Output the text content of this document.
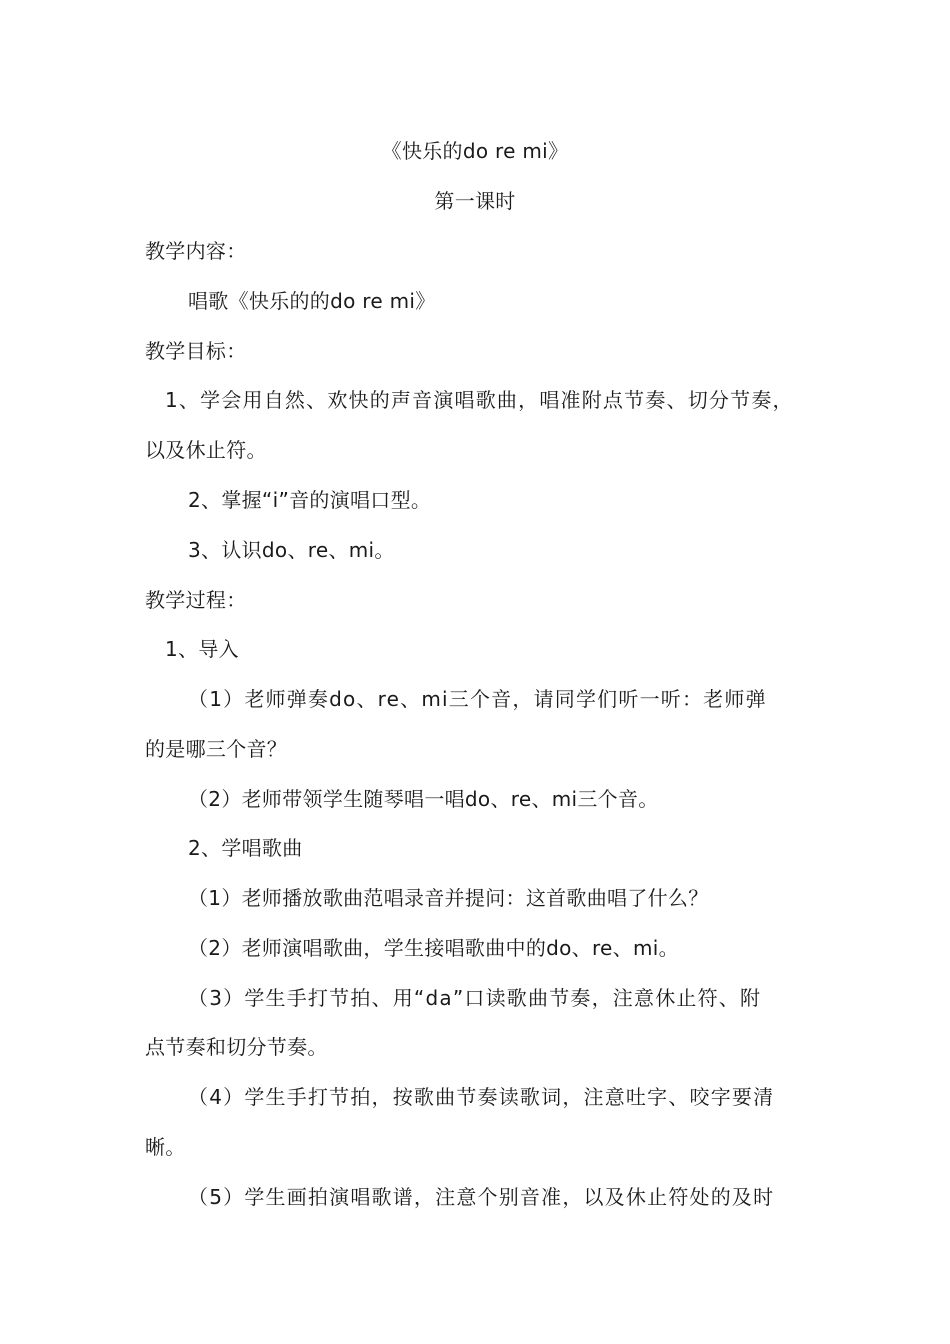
《快乐的do re mi》
第一课时
教学内容：
唱歌《快乐的的do re mi》
教学目标：
1、学会用自然、欢快的声音演唱歌曲，唱准附点节奏、切分节奏，
以及休止符。
2、掌握“i”音的演唱口型。
3、认识do、re、mi。
教学过程：
1、导入
（1）老师弹奏do、re、mi三个音，请同学们听一听：老师弹
的是哪三个音？
（2）老师带领学生随琴唱一唱do、re、mi三个音。
2、学唱歌曲
（1）老师播放歌曲范唱录音并提问：这首歌曲唱了什么？
（2）老师演唱歌曲，学生接唱歌曲中的do、re、mi。
（3）学生手打节拍、用“da”口读歌曲节奏，注意休止符、附
点节奏和切分节奏。
（4）学生手打节拍，按歌曲节奏读歌词，注意吐字、咬字要清
晰。
（5）学生画拍演唱歌谱，注意个别音准，以及休止符处的及时
